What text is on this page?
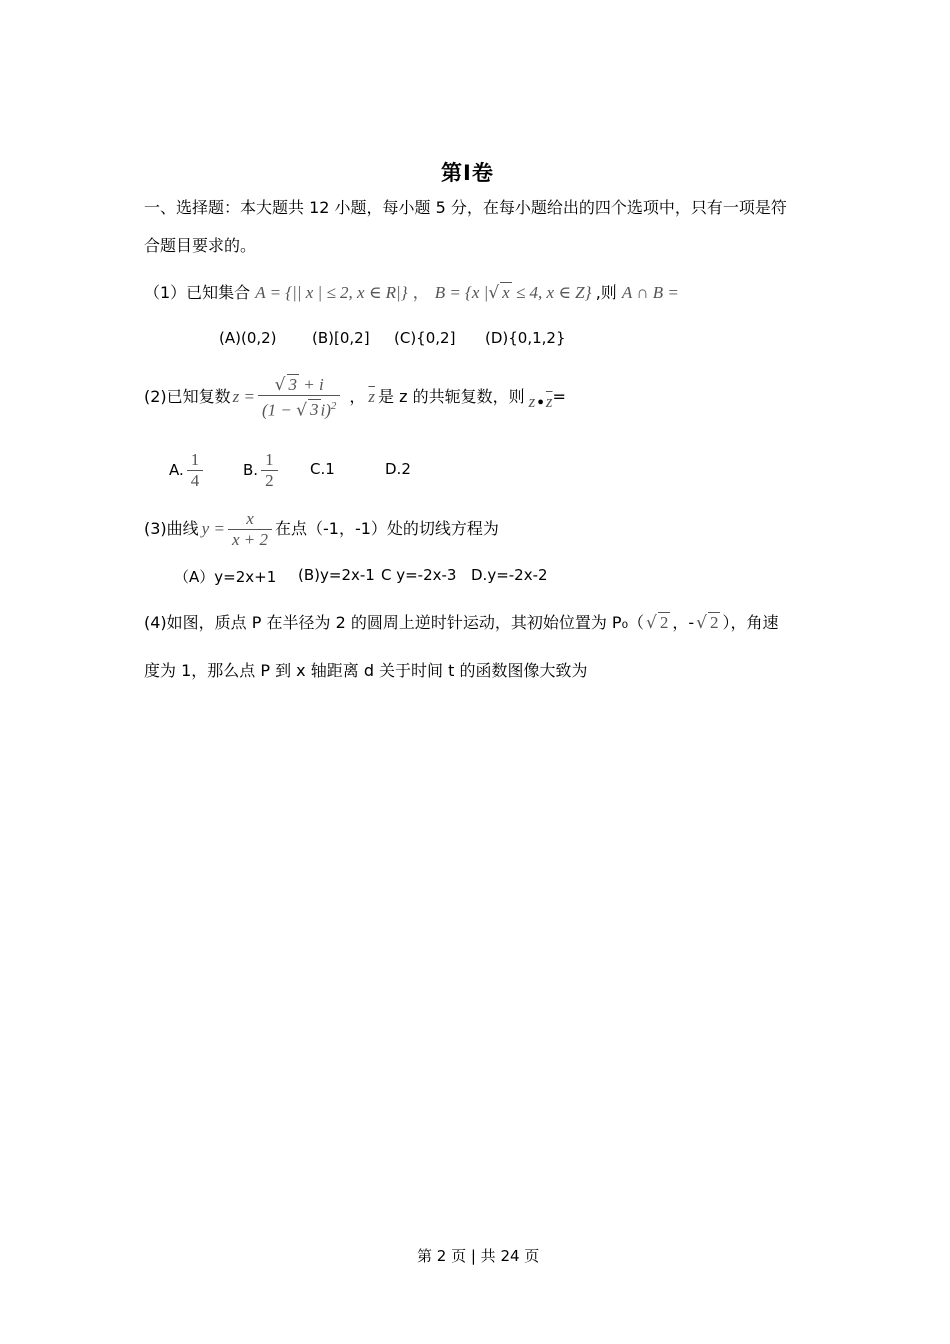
第Ⅰ卷
一、选择题：本大题共 12 小题，每小题 5 分，在每小题给出的四个选项中，只有一项是符
合题目要求的。
（1）已知集合 A = {|| x | ≤ 2, x ∈ R|} ， B = {x |√ x ≤ 4, x ∈ Z} ,则 A ∩ B =
(A)(0,2) (B)[0,2] (C){0,2] (D){0,1,2}
(2)已知复数 $z = \frac{√ 3 + i}{(1 - √ 3 i)^2}$ ， $\overline{z}$ 是 z 的共轭复数，则 z ● $\overline{z}$ =
A. $\frac{1}{4}$	B. $\frac{1}{2} C.1$	D.2
(3)曲线 $y = \frac{x}{x + 2}$ 在点（-1，-1）处的切线方程为
（A）y=2x+1 (B)y=2x-1 C y=-2x-3 D.y=-2x-2
(4)如图，质点 P 在半径为 2 的圆周上逆时针运动，其初始位置为 P₀（ √ 2 ，- √ 2 ），角速
度为 1，那么点 P 到 x 轴距离 d 关于时间 t 的函数图像大致为
第 2 页 | 共 24 页
